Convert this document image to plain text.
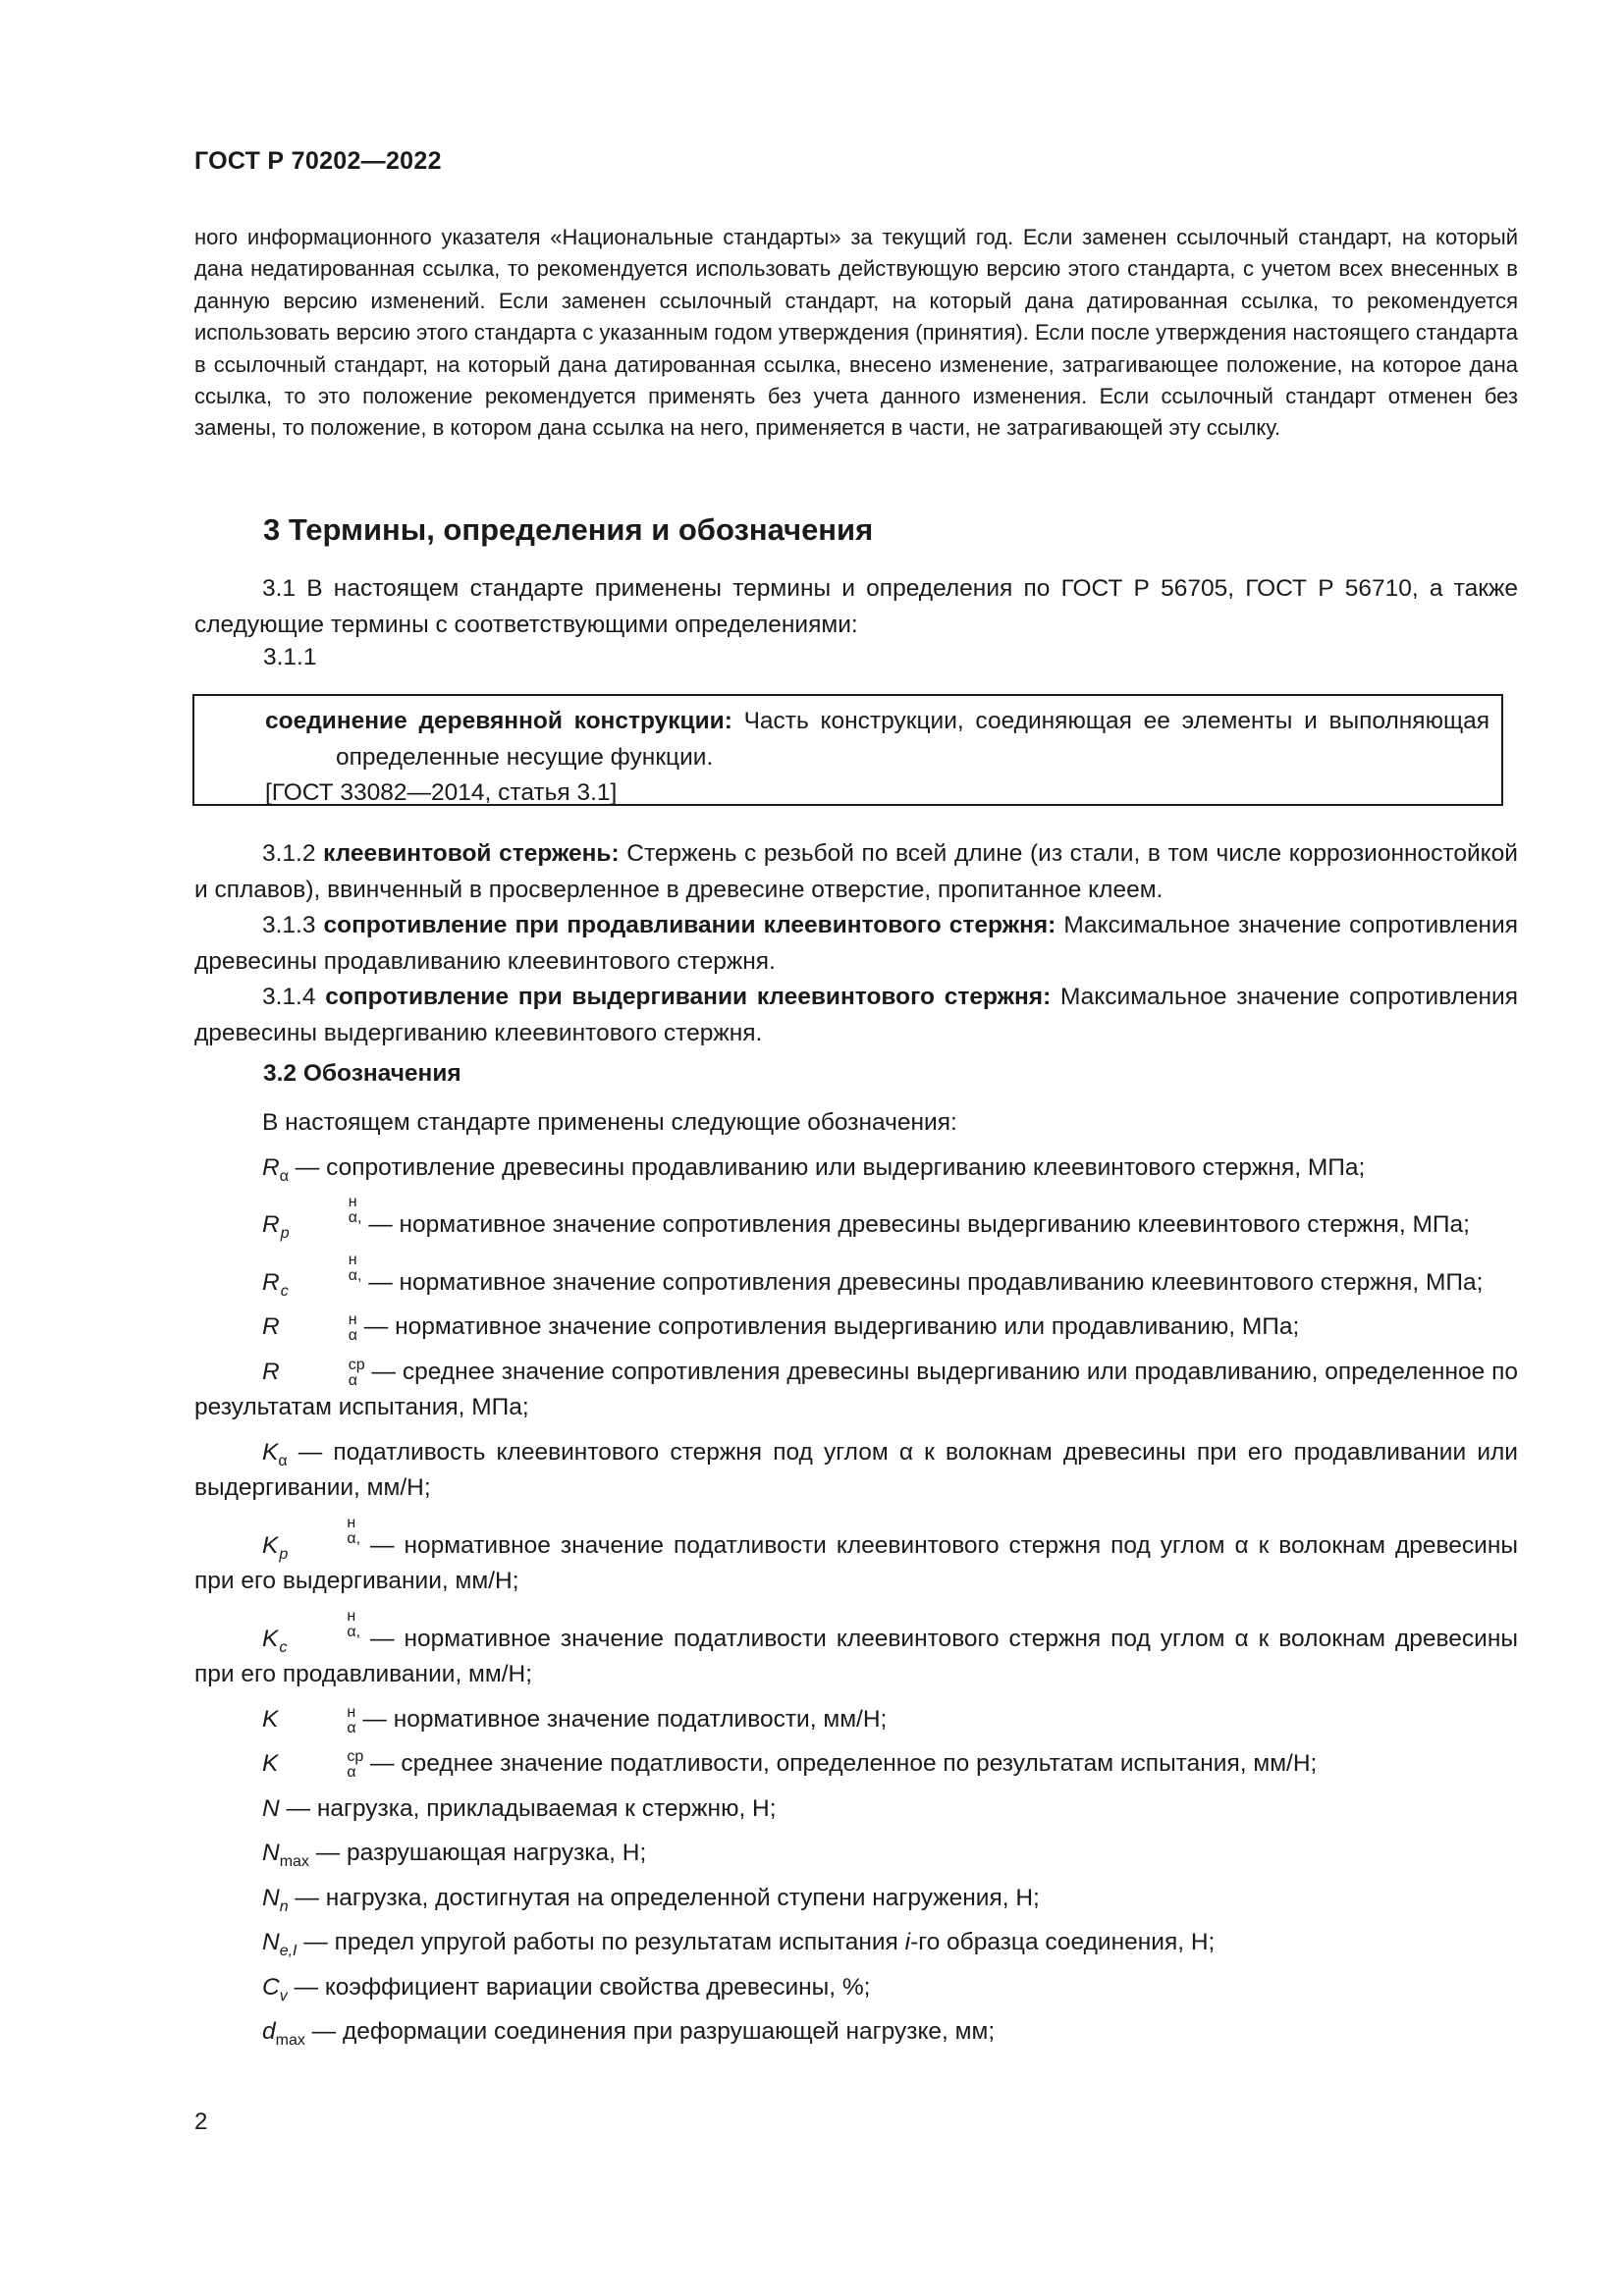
ГОСТ Р 70202—2022
ного информационного указателя «Национальные стандарты» за текущий год. Если заменен ссылочный стандарт, на который дана недатированная ссылка, то рекомендуется использовать действующую версию этого стандарта, с учетом всех внесенных в данную версию изменений. Если заменен ссылочный стандарт, на который дана датированная ссылка, то рекомендуется использовать версию этого стандарта с указанным годом утверждения (принятия). Если после утверждения настоящего стандарта в ссылочный стандарт, на который дана датированная ссылка, внесено изменение, затрагивающее положение, на которое дана ссылка, то это положение рекомендуется применять без учета данного изменения. Если ссылочный стандарт отменен без замены, то положение, в котором дана ссылка на него, применяется в части, не затрагивающей эту ссылку.
3 Термины, определения и обозначения
3.1 В настоящем стандарте применены термины и определения по ГОСТ Р 56705, ГОСТ Р 56710, а также следующие термины с соответствующими определениями:
3.1.1
соединение деревянной конструкции: Часть конструкции, соединяющая ее элементы и выполняющая определенные несущие функции.
[ГОСТ 33082—2014, статья 3.1]

3.1.2 клеевинтовой стержень: Стержень с резьбой по всей длине (из стали, в том числе коррозионностойкой и сплавов), ввинченный в просверленное в древесине отверстие, пропитанное клеем.

3.1.3 сопротивление при продавливании клеевинтового стержня: Максимальное значение сопротивления древесины продавливанию клеевинтового стержня.

3.1.4 сопротивление при выдергивании клеевинтового стержня: Максимальное значение сопротивления древесины выдергиванию клеевинтового стержня.

3.2 Обозначения

В настоящем стандарте применены следующие обозначения:

$R_\alpha$ — сопротивление древесины продавливанию или выдергиванию клеевинтового стержня, МПа;

R
н
α,
p	— нормативное значение сопротивления древесины выдергиванию клеевинтового стержня, МПа;

R
н
α,
c	— нормативное значение сопротивления древесины продавливанию клеевинтового стержня, МПа;

R	н
α — нормативное значение сопротивления выдергиванию или продавливанию, МПа;

R	ср
α — среднее значение сопротивления древесины выдергиванию или продавливанию, определенное по результатам испытания, МПа;

$K_\alpha$ — податливость клеевинтового стержня под углом α к волокнам древесины при его продавливании или выдергивании, мм/Н;

K
н
α,
p	— нормативное значение податливости клеевинтового стержня под углом α к волокнам древесины при его выдергивании, мм/Н;

K
н
α,
c	— нормативное значение податливости клеевинтового стержня под углом α к волокнам древесины при его продавливании, мм/Н;

K	н
α — нормативное значение податливости, мм/Н;

K	ср
α — среднее значение податливости, определенное по результатам испытания, мм/Н;

N — нагрузка, прикладываемая к стержню, Н;

$N_{max}$ — разрушающая нагрузка, Н;

$N_n$ — нагрузка, достигнутая на определенной ступени нагружения, Н;

$N_{e,I}$ — предел упругой работы по результатам испытания i-го образца соединения, Н;

$C_v$ — коэффициент вариации свойства древесины, %;

$d_{max}$ — деформации соединения при разрушающей нагрузке, мм;

2
